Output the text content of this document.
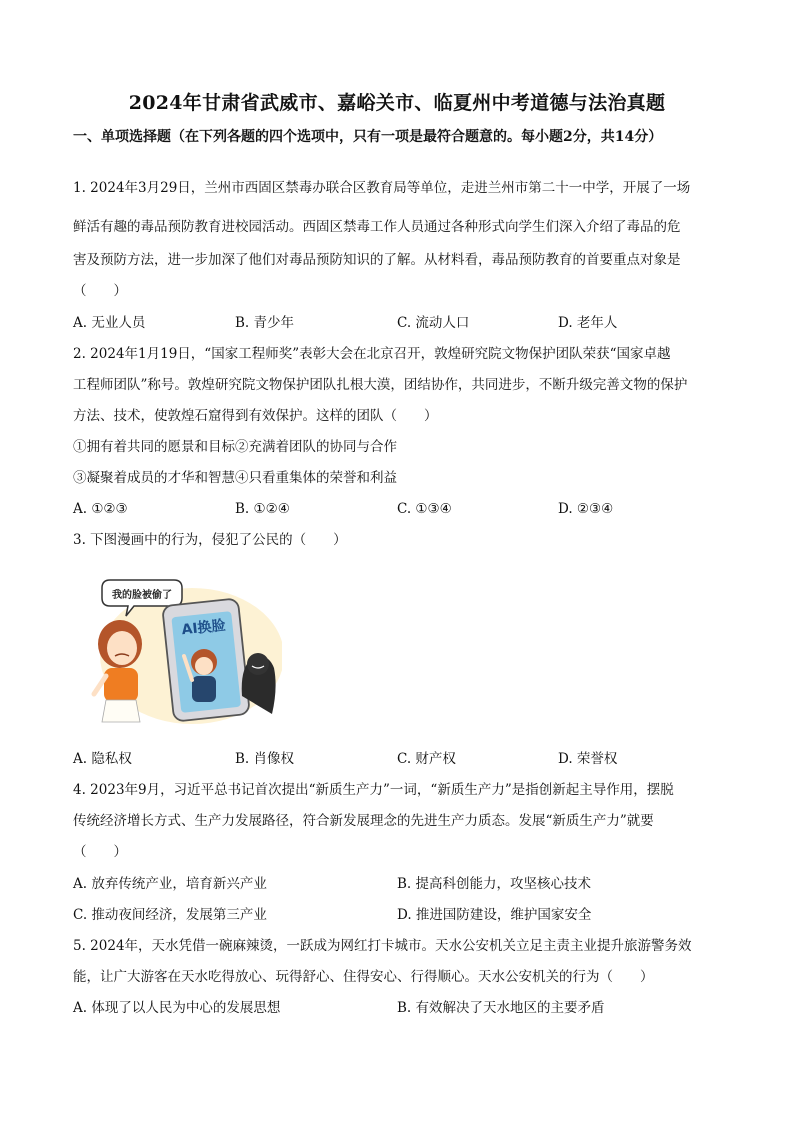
2024年甘肃省武威市、嘉峪关市、临夏州中考道德与法治真题
一、单项选择题（在下列各题的四个选项中，只有一项是最符合题意的。每小题2分，共14分）
1. 2024年3月29日，兰州市西固区禁毒办联合区教育局等单位，走进兰州市第二十一中学，开展了一场
鲜活有趣的毒品预防教育进校园活动。西固区禁毒工作人员通过各种形式向学生们深入介绍了毒品的危
害及预防方法，进一步加深了他们对毒品预防知识的了解。从材料看，毒品预防教育的首要重点对象是
（　　）
A. 无业人员	B. 青少年	C. 流动人口	D. 老年人
2. 2024年1月19日，“国家工程师奖”表彰大会在北京召开，敦煌研究院文物保护团队荣获“国家卓越
工程师团队”称号。敦煌研究院文物保护团队扎根大漠，团结协作，共同进步，不断升级完善文物的保护
方法、技术，使敦煌石窟得到有效保护。这样的团队（　　）
①拥有着共同的愿景和目标②充满着团队的协同与合作
③凝聚着成员的才华和智慧④只看重集体的荣誉和利益
A. ①②③	B. ①②④	C. ①③④	D. ②③④
3. 下图漫画中的行为，侵犯了公民的（　　）
我的脸被偷了
AI换脸
A. 隐私权	B. 肖像权	C. 财产权	D. 荣誉权
4. 2023年9月，习近平总书记首次提出“新质生产力”一词，“新质生产力”是指创新起主导作用，摆脱
传统经济增长方式、生产力发展路径，符合新发展理念的先进生产力质态。发展“新质生产力”就要
（　　）
A. 放弃传统产业，培育新兴产业	B. 提高科创能力，攻坚核心技术
C. 推动夜间经济，发展第三产业	D. 推进国防建设，维护国家安全
5. 2024年，天水凭借一碗麻辣烫，一跃成为网红打卡城市。天水公安机关立足主责主业提升旅游警务效
能，让广大游客在天水吃得放心、玩得舒心、住得安心、行得顺心。天水公安机关的行为（　　）
A. 体现了以人民为中心的发展思想	B. 有效解决了天水地区的主要矛盾
